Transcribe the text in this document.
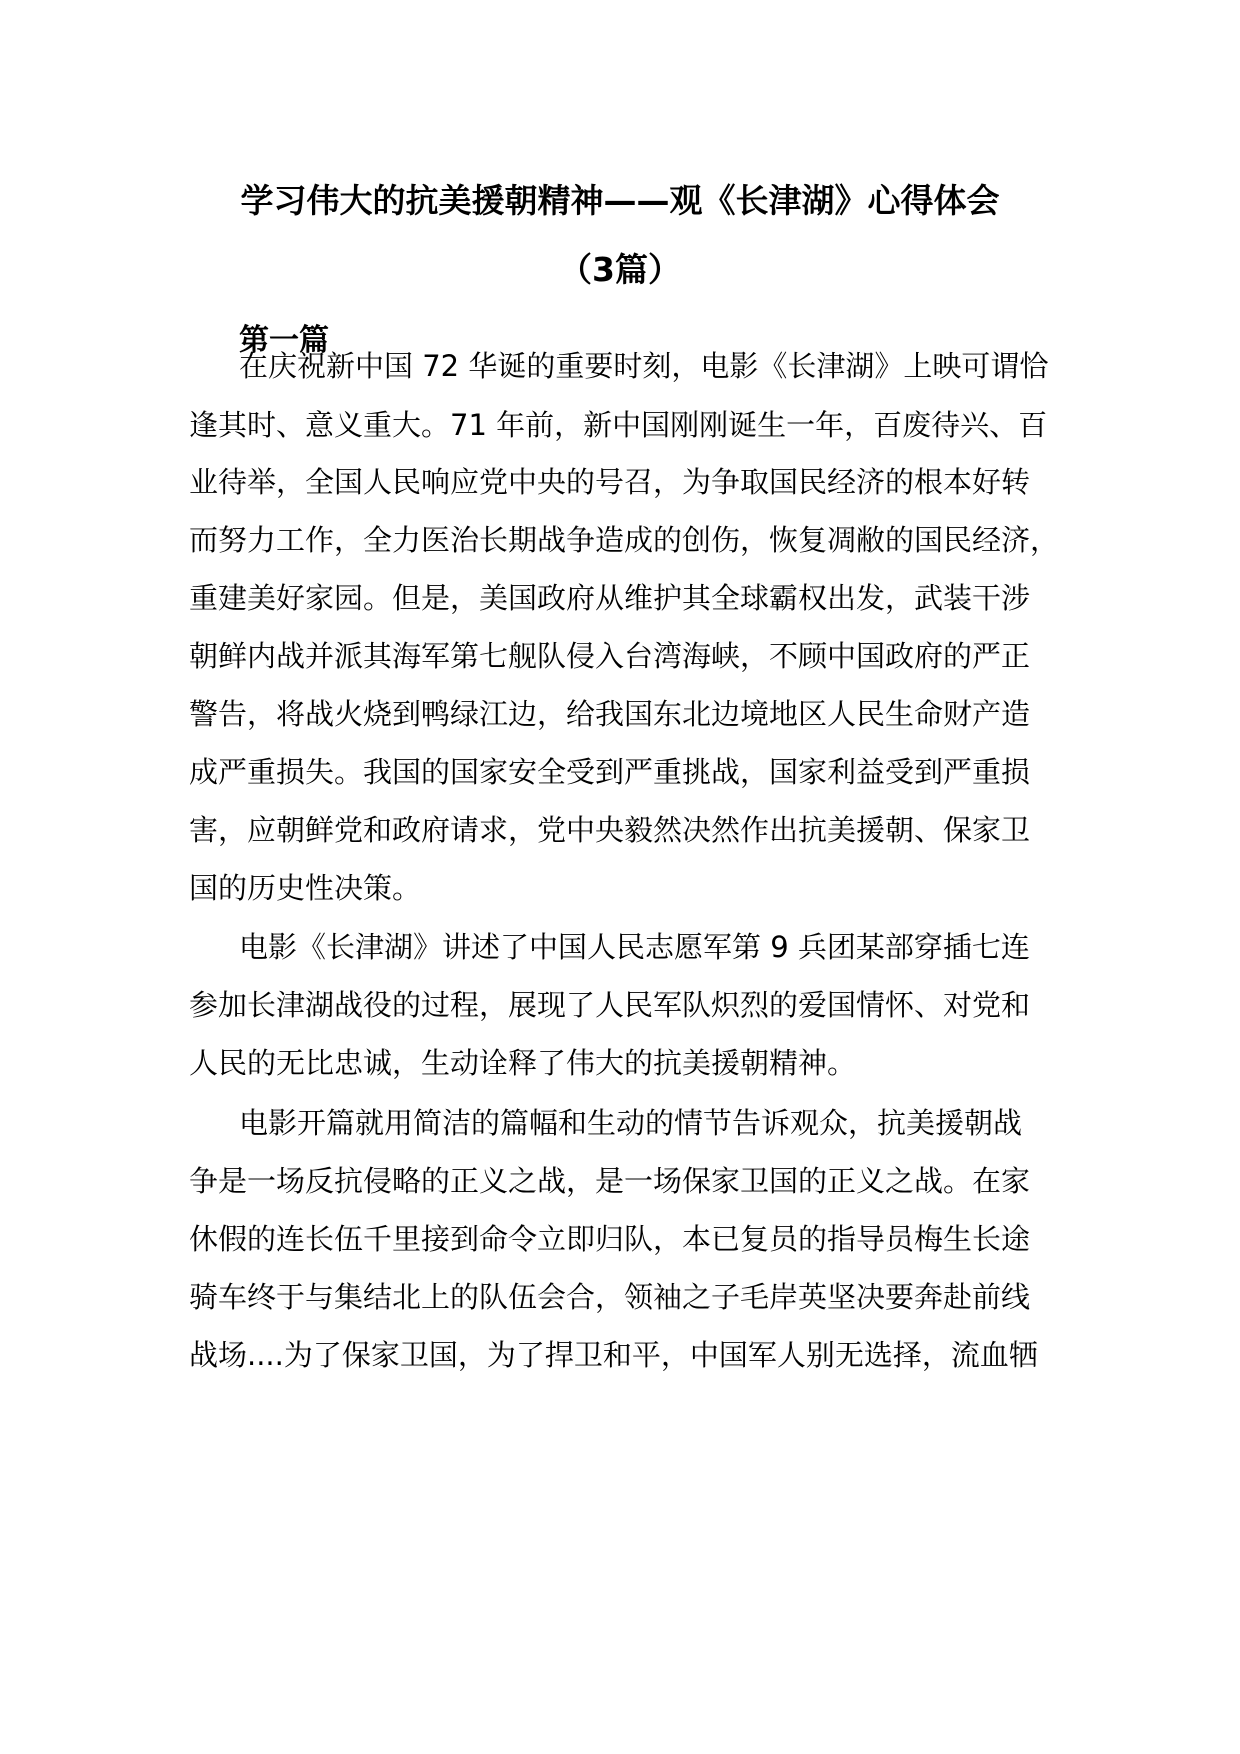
学习伟大的抗美援朝精神——观《长津湖》心得体会
（3篇）
第一篇
在庆祝新中国 72 华诞的重要时刻，电影《长津湖》上映可谓恰
逢其时、意义重大。71 年前，新中国刚刚诞生一年，百废待兴、百
业待举，全国人民响应党中央的号召，为争取国民经济的根本好转
而努力工作，全力医治长期战争造成的创伤，恢复凋敝的国民经济，
重建美好家园。但是，美国政府从维护其全球霸权出发，武装干涉
朝鲜内战并派其海军第七舰队侵入台湾海峡，不顾中国政府的严正
警告，将战火烧到鸭绿江边，给我国东北边境地区人民生命财产造
成严重损失。我国的国家安全受到严重挑战，国家利益受到严重损
害，应朝鲜党和政府请求，党中央毅然决然作出抗美援朝、保家卫
国的历史性决策。
电影《长津湖》讲述了中国人民志愿军第 9 兵团某部穿插七连
参加长津湖战役的过程，展现了人民军队炽烈的爱国情怀、对党和
人民的无比忠诚，生动诠释了伟大的抗美援朝精神。
电影开篇就用简洁的篇幅和生动的情节告诉观众，抗美援朝战
争是一场反抗侵略的正义之战，是一场保家卫国的正义之战。在家
休假的连长伍千里接到命令立即归队，本已复员的指导员梅生长途
骑车终于与集结北上的队伍会合，领袖之子毛岸英坚决要奔赴前线
战场....为了保家卫国，为了捍卫和平，中国军人别无选择，流血牺
